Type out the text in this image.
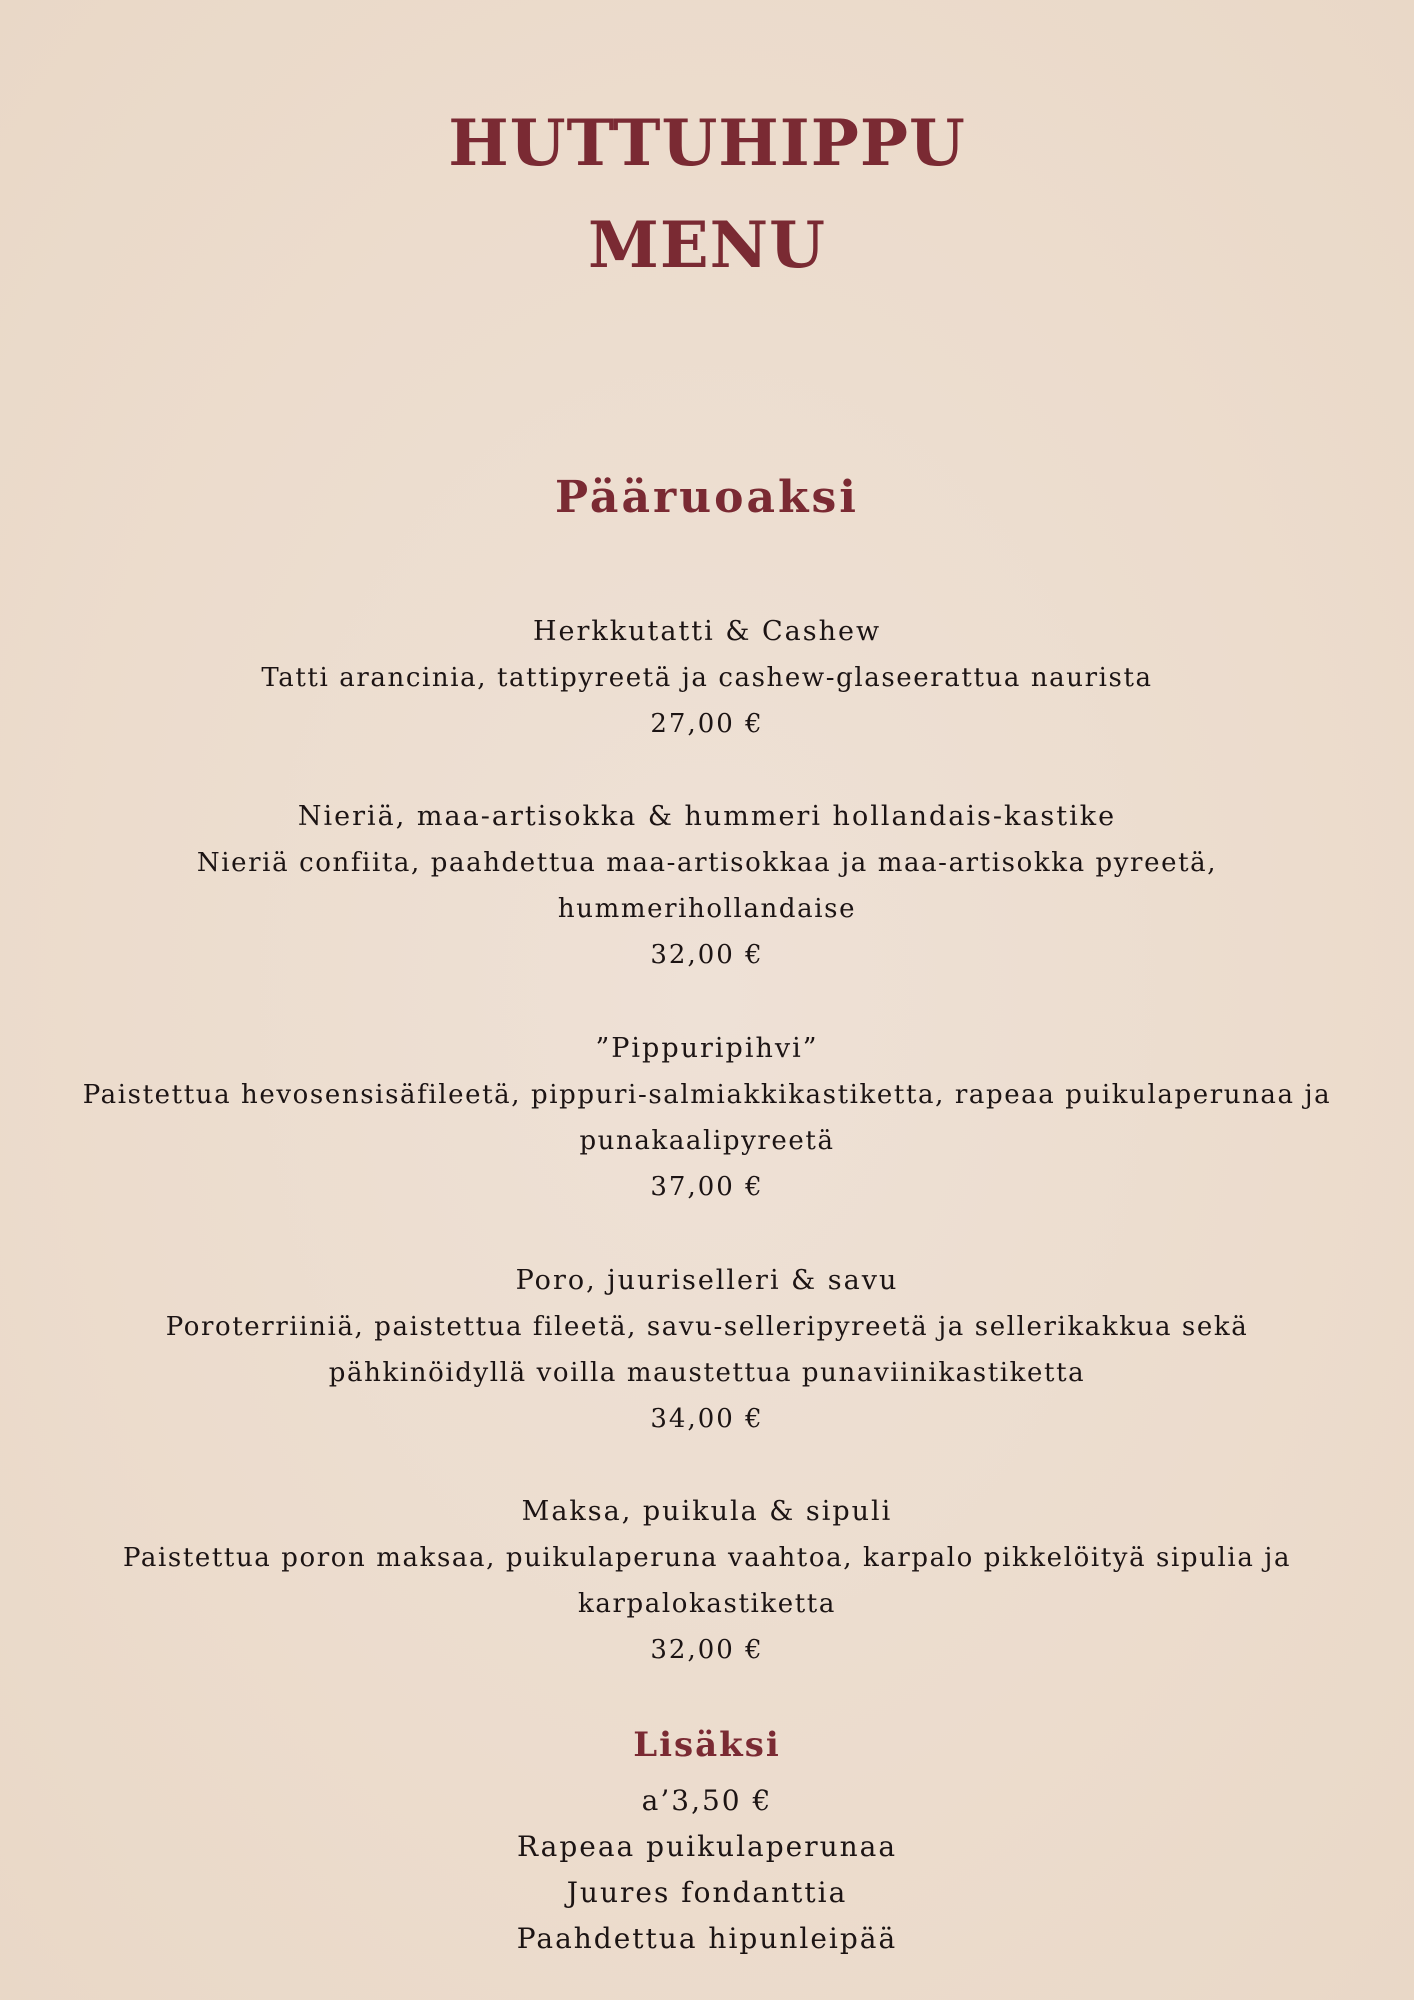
HUTTUHIPPU
MENU
Pääruoaksi
Herkkutatti & Cashew
Tatti arancinia, tattipyreetä ja cashew-glaseerattua naurista
27,00 €
Nieriä, maa-artisokka & hummeri hollandais-kastike
Nieriä confiita, paahdettua maa-artisokkaa ja maa-artisokka pyreetä,
hummerihollandaise
32,00 €
”Pippuripihvi”
Paistettua hevosensisäfileetä, pippuri-salmiakkikastiketta, rapeaa puikulaperunaa ja
punakaalipyreetä
37,00 €
Poro, juuriselleri & savu
Poroterriiniä, paistettua fileetä, savu-selleripyreetä ja sellerikakkua sekä
pähkinöidyllä voilla maustettua punaviinikastiketta
34,00 €
Maksa, puikula & sipuli
Paistettua poron maksaa, puikulaperuna vaahtoa, karpalo pikkelöityä sipulia ja
karpalokastiketta
32,00 €
Lisäksi
a’3,50 €
Rapeaa puikulaperunaa
Juures fondanttia
Paahdettua hipunleipää
